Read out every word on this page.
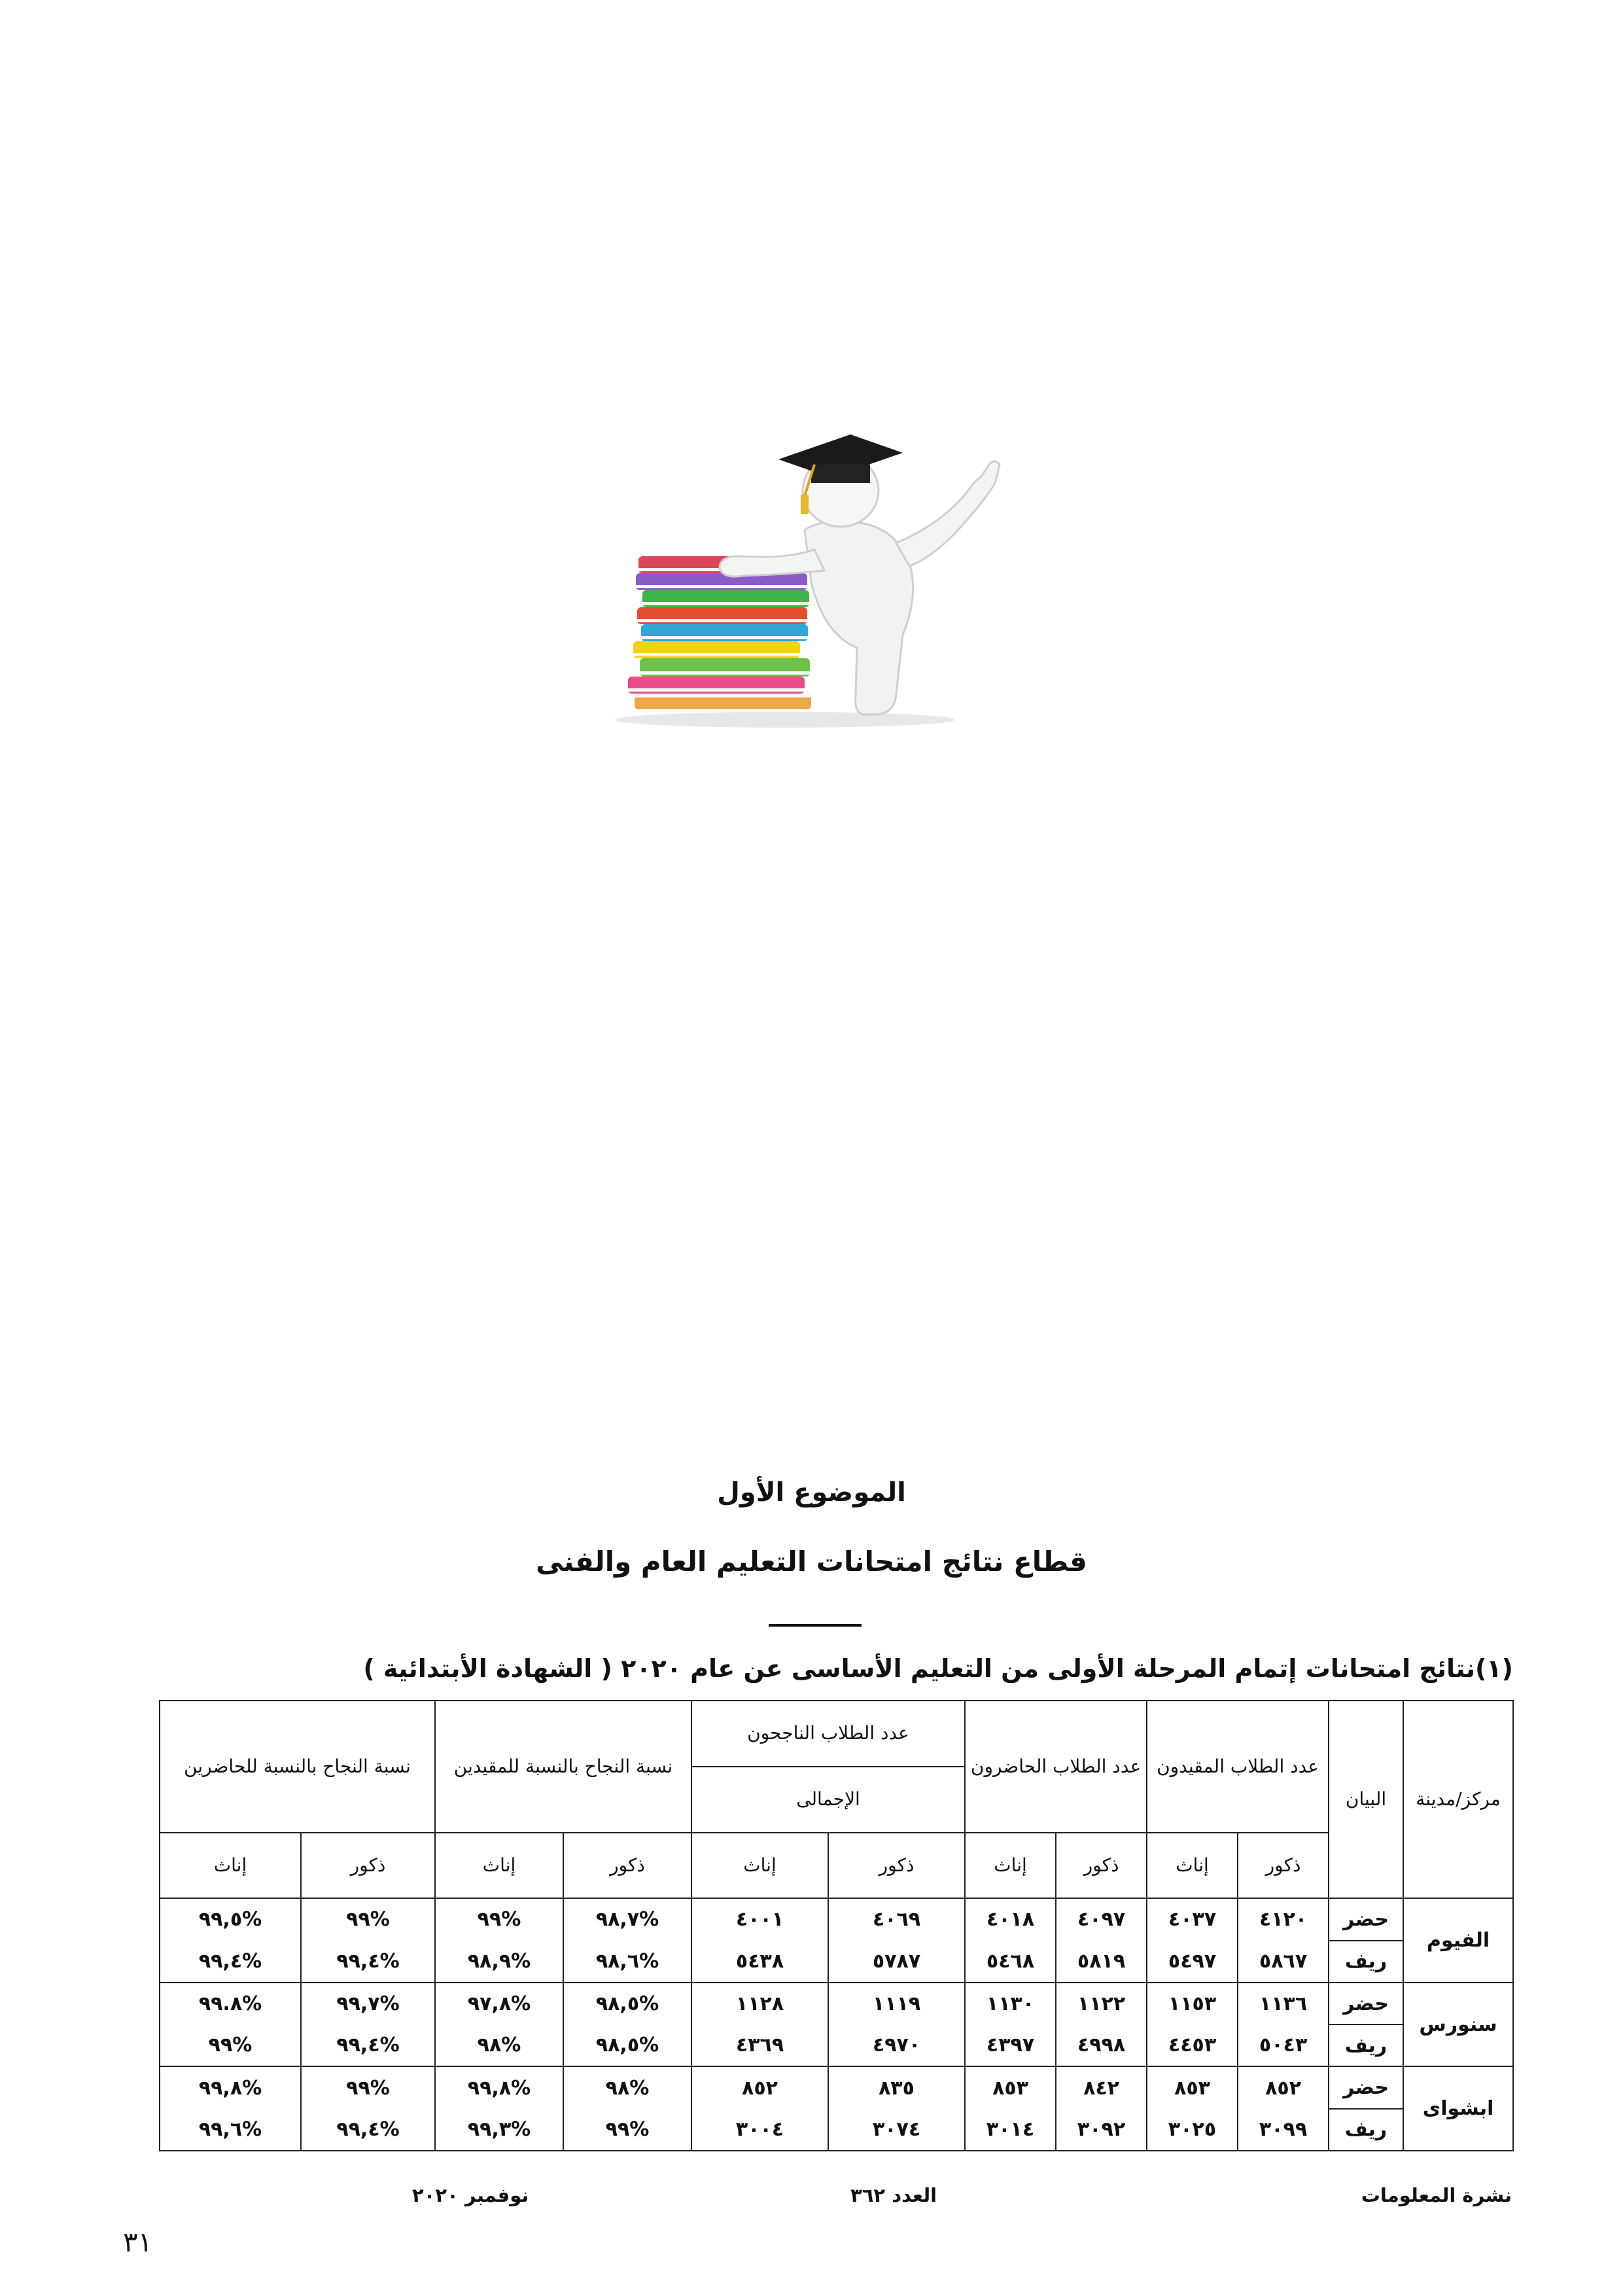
الموضوع الأول
قطاع نتائج امتحانات التعليم العام والفنى
(١)نتائج امتحانات إتمام المرحلة الأولى من التعليم الأساسى عن عام ٢٠٢٠ ( الشهادة الأبتدائية )
مركز/مدينة	البيان	عدد الطلاب المقيدون		عدد الطلاب الحاضرون		عدد الطلاب الناجحون		نسبة النجاح بالنسبة للمقيدين		نسبة النجاح بالنسبة للحاضرين	
						الإجمالى					
		ذكور	إناث	ذكور	إناث	ذكور	إناث	ذكور	إناث	ذكور	إناث
الفيوم	حضر	٤١٢٠	٤٠٣٧	٤٠٩٧	٤٠١٨	٤٠٦٩	٤٠٠١	%٩٨,٧	%٩٩	%٩٩	%٩٩,٥
	ريف	٥٨٦٧	٥٤٩٧	٥٨١٩	٥٤٦٨	٥٧٨٧	٥٤٣٨	%٩٨,٦	%٩٨,٩	%٩٩,٤	%٩٩,٤
سنورس	حضر	١١٣٦	١١٥٣	١١٢٢	١١٣٠	١١١٩	١١٢٨	%٩٨,٥	%٩٧,٨	%٩٩,٧	%٩٩.٨
	ريف	٥٠٤٣	٤٤٥٣	٤٩٩٨	٤٣٩٧	٤٩٧٠	٤٣٦٩	%٩٨,٥	%٩٨	%٩٩,٤	%٩٩
ابشواى	حضر	٨٥٢	٨٥٣	٨٤٢	٨٥٣	٨٣٥	٨٥٢	%٩٨	%٩٩,٨	%٩٩	%٩٩,٨
	ريف	٣٠٩٩	٣٠٢٥	٣٠٩٢	٣٠١٤	٣٠٧٤	٣٠٠٤	%٩٩	%٩٩,٣	%٩٩,٤	%٩٩,٦
نشرة المعلومات
العدد ٣٦٢
نوفمبر ٢٠٢٠
٣١
